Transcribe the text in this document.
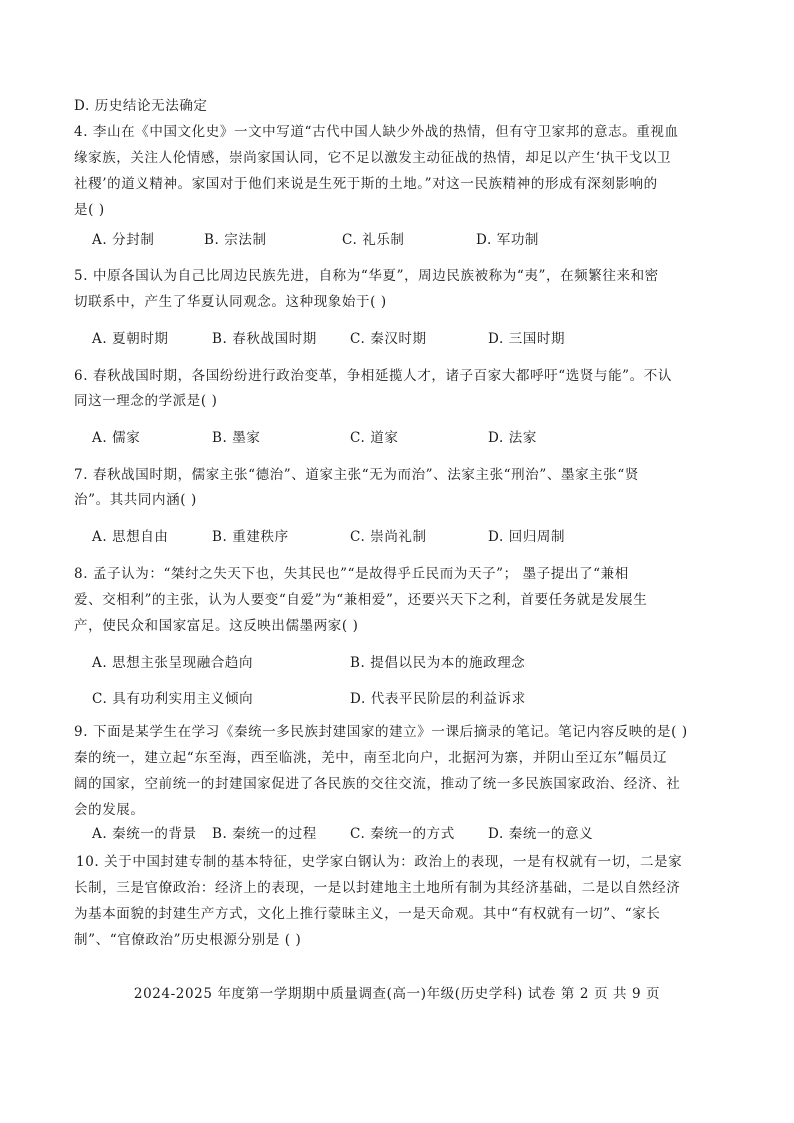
D. 历史结论无法确定
4. 李山在《中国文化史》一文中写道“古代中国人缺少外战的热情，但有守卫家邦的意志。重视血
缘家族，关注人伦情感，崇尚家国认同，它不足以激发主动征战的热情，却足以产生‘执干戈以卫
社稷’的道义精神。家国对于他们来说是生死于斯的土地。”对这一民族精神的形成有深刻影响的
是( )
A. 分封制	B. 宗法制	C. 礼乐制	D. 军功制
5. 中原各国认为自己比周边民族先进，自称为“华夏”，周边民族被称为“夷”，在频繁往来和密
切联系中，产生了华夏认同观念。这种现象始于( )
A. 夏朝时期	B. 春秋战国时期 C. 秦汉时期	D. 三国时期
6. 春秋战国时期，各国纷纷进行政治变革，争相延揽人才，诸子百家大都呼吁“选贤与能”。不认
同这一理念的学派是( )
A. 儒家	B. 墨家	C. 道家	D. 法家
7. 春秋战国时期，儒家主张“德治”、道家主张“无为而治”、法家主张“刑治”、墨家主张“贤
治”。其共同内涵( )
A. 思想自由	B. 重建秩序	C. 崇尚礼制	D. 回归周制
8. 孟子认为：“桀纣之失天下也，失其民也”“是故得乎丘民而为天子”； 墨子提出了“兼相
爱、交相利”的主张，认为人要变“自爱”为“兼相爱”，还要兴天下之利，首要任务就是发展生
产，使民众和国家富足。这反映出儒墨两家( )
A. 思想主张呈现融合趋向	B. 提倡以民为本的施政理念
C. 具有功利实用主义倾向	D. 代表平民阶层的利益诉求
9. 下面是某学生在学习《秦统一多民族封建国家的建立》一课后摘录的笔记。笔记内容反映的是( )
秦的统一，建立起“东至海，西至临洮，羌中，南至北向户，北据河为寨，并阴山至辽东”幅员辽
阔的国家，空前统一的封建国家促进了各民族的交往交流，推动了统一多民族国家政治、经济、社
会的发展。
A. 秦统一的背景 B. 秦统一的过程 C. 秦统一的方式 D. 秦统一的意义
10. 关于中国封建专制的基本特征，史学家白钢认为：政治上的表现，一是有权就有一切，二是家
长制，三是官僚政治：经济上的表现，一是以封建地主土地所有制为其经济基础，二是以自然经济
为基本面貌的封建生产方式，文化上推行蒙昧主义，一是天命观。其中“有权就有一切”、“家长
制”、“官僚政治”历史根源分别是 ( )
2024-2025 年度第一学期期中质量调查(高一)年级(历史学科) 试卷 第 2 页 共 9 页
